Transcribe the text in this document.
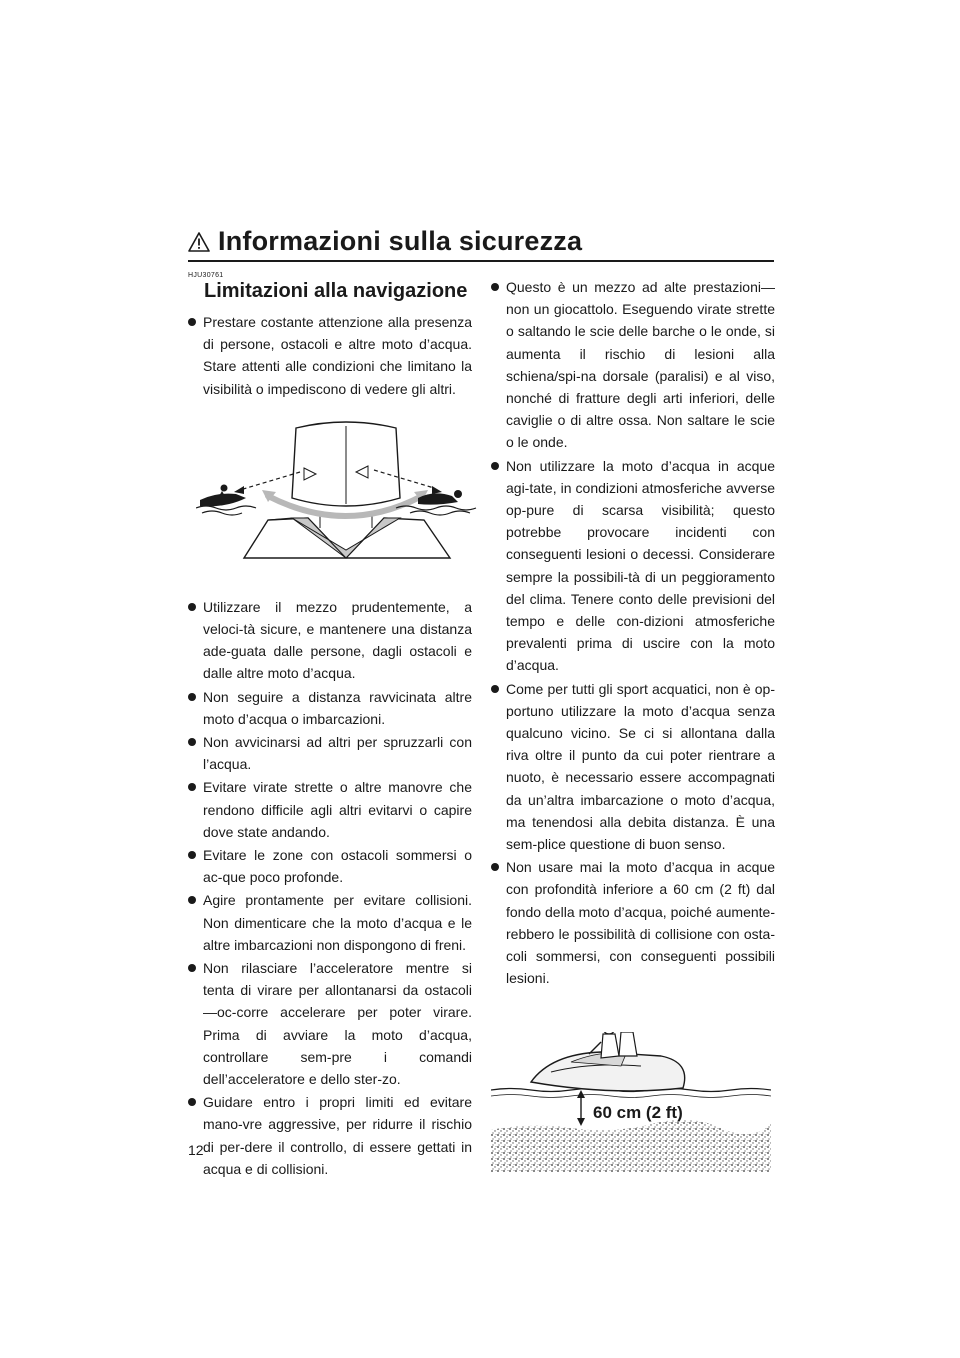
Informazioni sulla sicurezza
HJU30761
Limitazioni alla navigazione
Prestare costante attenzione alla presenza di persone, ostacoli e altre moto d’acqua. Stare attenti alle condizioni che limitano la visibilità o impediscono di vedere gli altri.
Utilizzare il mezzo prudentemente, a veloci-tà sicure, e mantenere una distanza ade-guata dalle persone, dagli ostacoli e dalle altre moto d’acqua.
Non seguire a distanza ravvicinata altre moto d’acqua o imbarcazioni.
Non avvicinarsi ad altri per spruzzarli con l’acqua.
Evitare virate strette o altre manovre che rendono difficile agli altri evitarvi o capire dove state andando.
Evitare le zone con ostacoli sommersi o ac-que poco profonde.
Agire prontamente per evitare collisioni. Non dimenticare che la moto d’acqua e le altre imbarcazioni non dispongono di freni.
Non rilasciare l’acceleratore mentre si tenta di virare per allontanarsi da ostacoli—oc-corre accelerare per poter virare. Prima di avviare la moto d’acqua, controllare sem-pre i comandi dell’acceleratore e dello ster-zo.
Guidare entro i propri limiti ed evitare mano-vre aggressive, per ridurre il rischio di per-dere il controllo, di essere gettati in acqua e di collisioni.
Questo è un mezzo ad alte prestazioni—non un giocattolo. Eseguendo virate strette o saltando le scie delle barche o le onde, si aumenta il rischio di lesioni alla schiena/spi-na dorsale (paralisi) e al viso, nonché di fratture degli arti inferiori, delle caviglie o di altre ossa. Non saltare le scie o le onde.
Non utilizzare la moto d’acqua in acque agi-tate, in condizioni atmosferiche avverse op-pure di scarsa visibilità; questo potrebbe provocare incidenti con conseguenti lesioni o decessi. Considerare sempre la possibili-tà di un peggioramento del clima. Tenere conto delle previsioni del tempo e delle con-dizioni atmosferiche prevalenti prima di uscire con la moto d’acqua.
Come per tutti gli sport acquatici, non è op-portuno utilizzare la moto d’acqua senza qualcuno vicino. Se ci si allontana dalla riva oltre il punto da cui poter rientrare a nuoto, è necessario essere accompagnati da un’altra imbarcazione o moto d’acqua, ma tenendosi alla debita distanza. È una sem-plice questione di buon senso.
Non usare mai la moto d’acqua in acque con profondità inferiore a 60 cm (2 ft) dal fondo della moto d’acqua, poiché aumente-rebbero le possibilità di collisione con osta-coli sommersi, con conseguenti possibili lesioni.
60 cm (2 ft)
12
